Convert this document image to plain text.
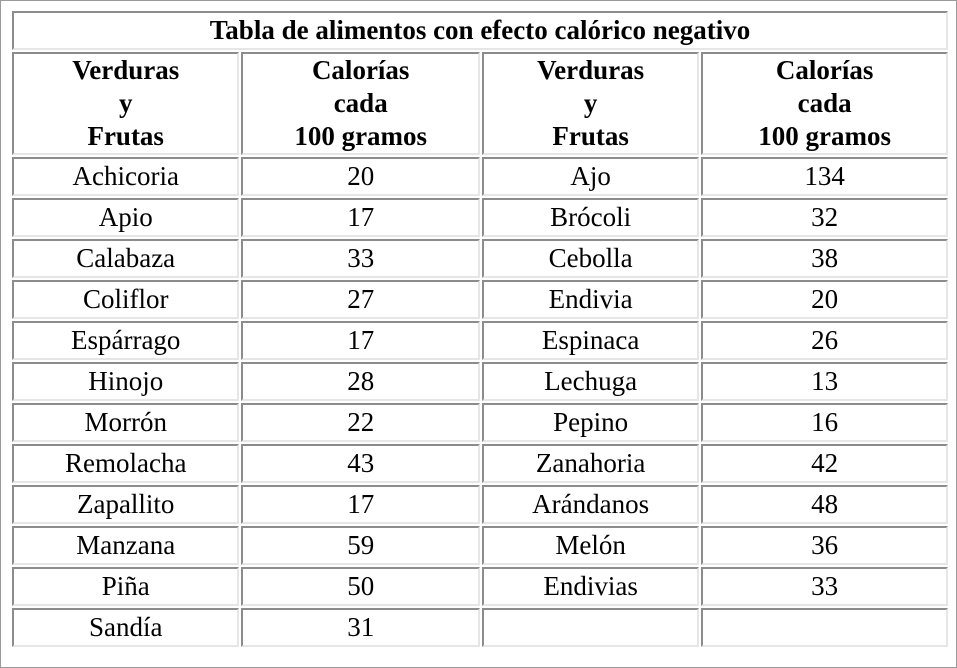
Tabla de alimentos con efecto calórico negativo			

Verduras
y
Frutas	Calorías
cada
100 gramos	Verduras
y
Frutas	Calorías
cada
100 gramos

Achicoria	20	Ajo	134
Apio	17	Brócoli	32
Calabaza	33	Cebolla	38
Coliflor	27	Endivia	20
Espárrago	17	Espinaca	26
Hinojo	28	Lechuga	13
Morrón	22	Pepino	16
Remolacha	43	Zanahoria	42
Zapallito	17	Arándanos	48
Manzana	59	Melón	36
Piña	50	Endivias	33
Sandía	31		
